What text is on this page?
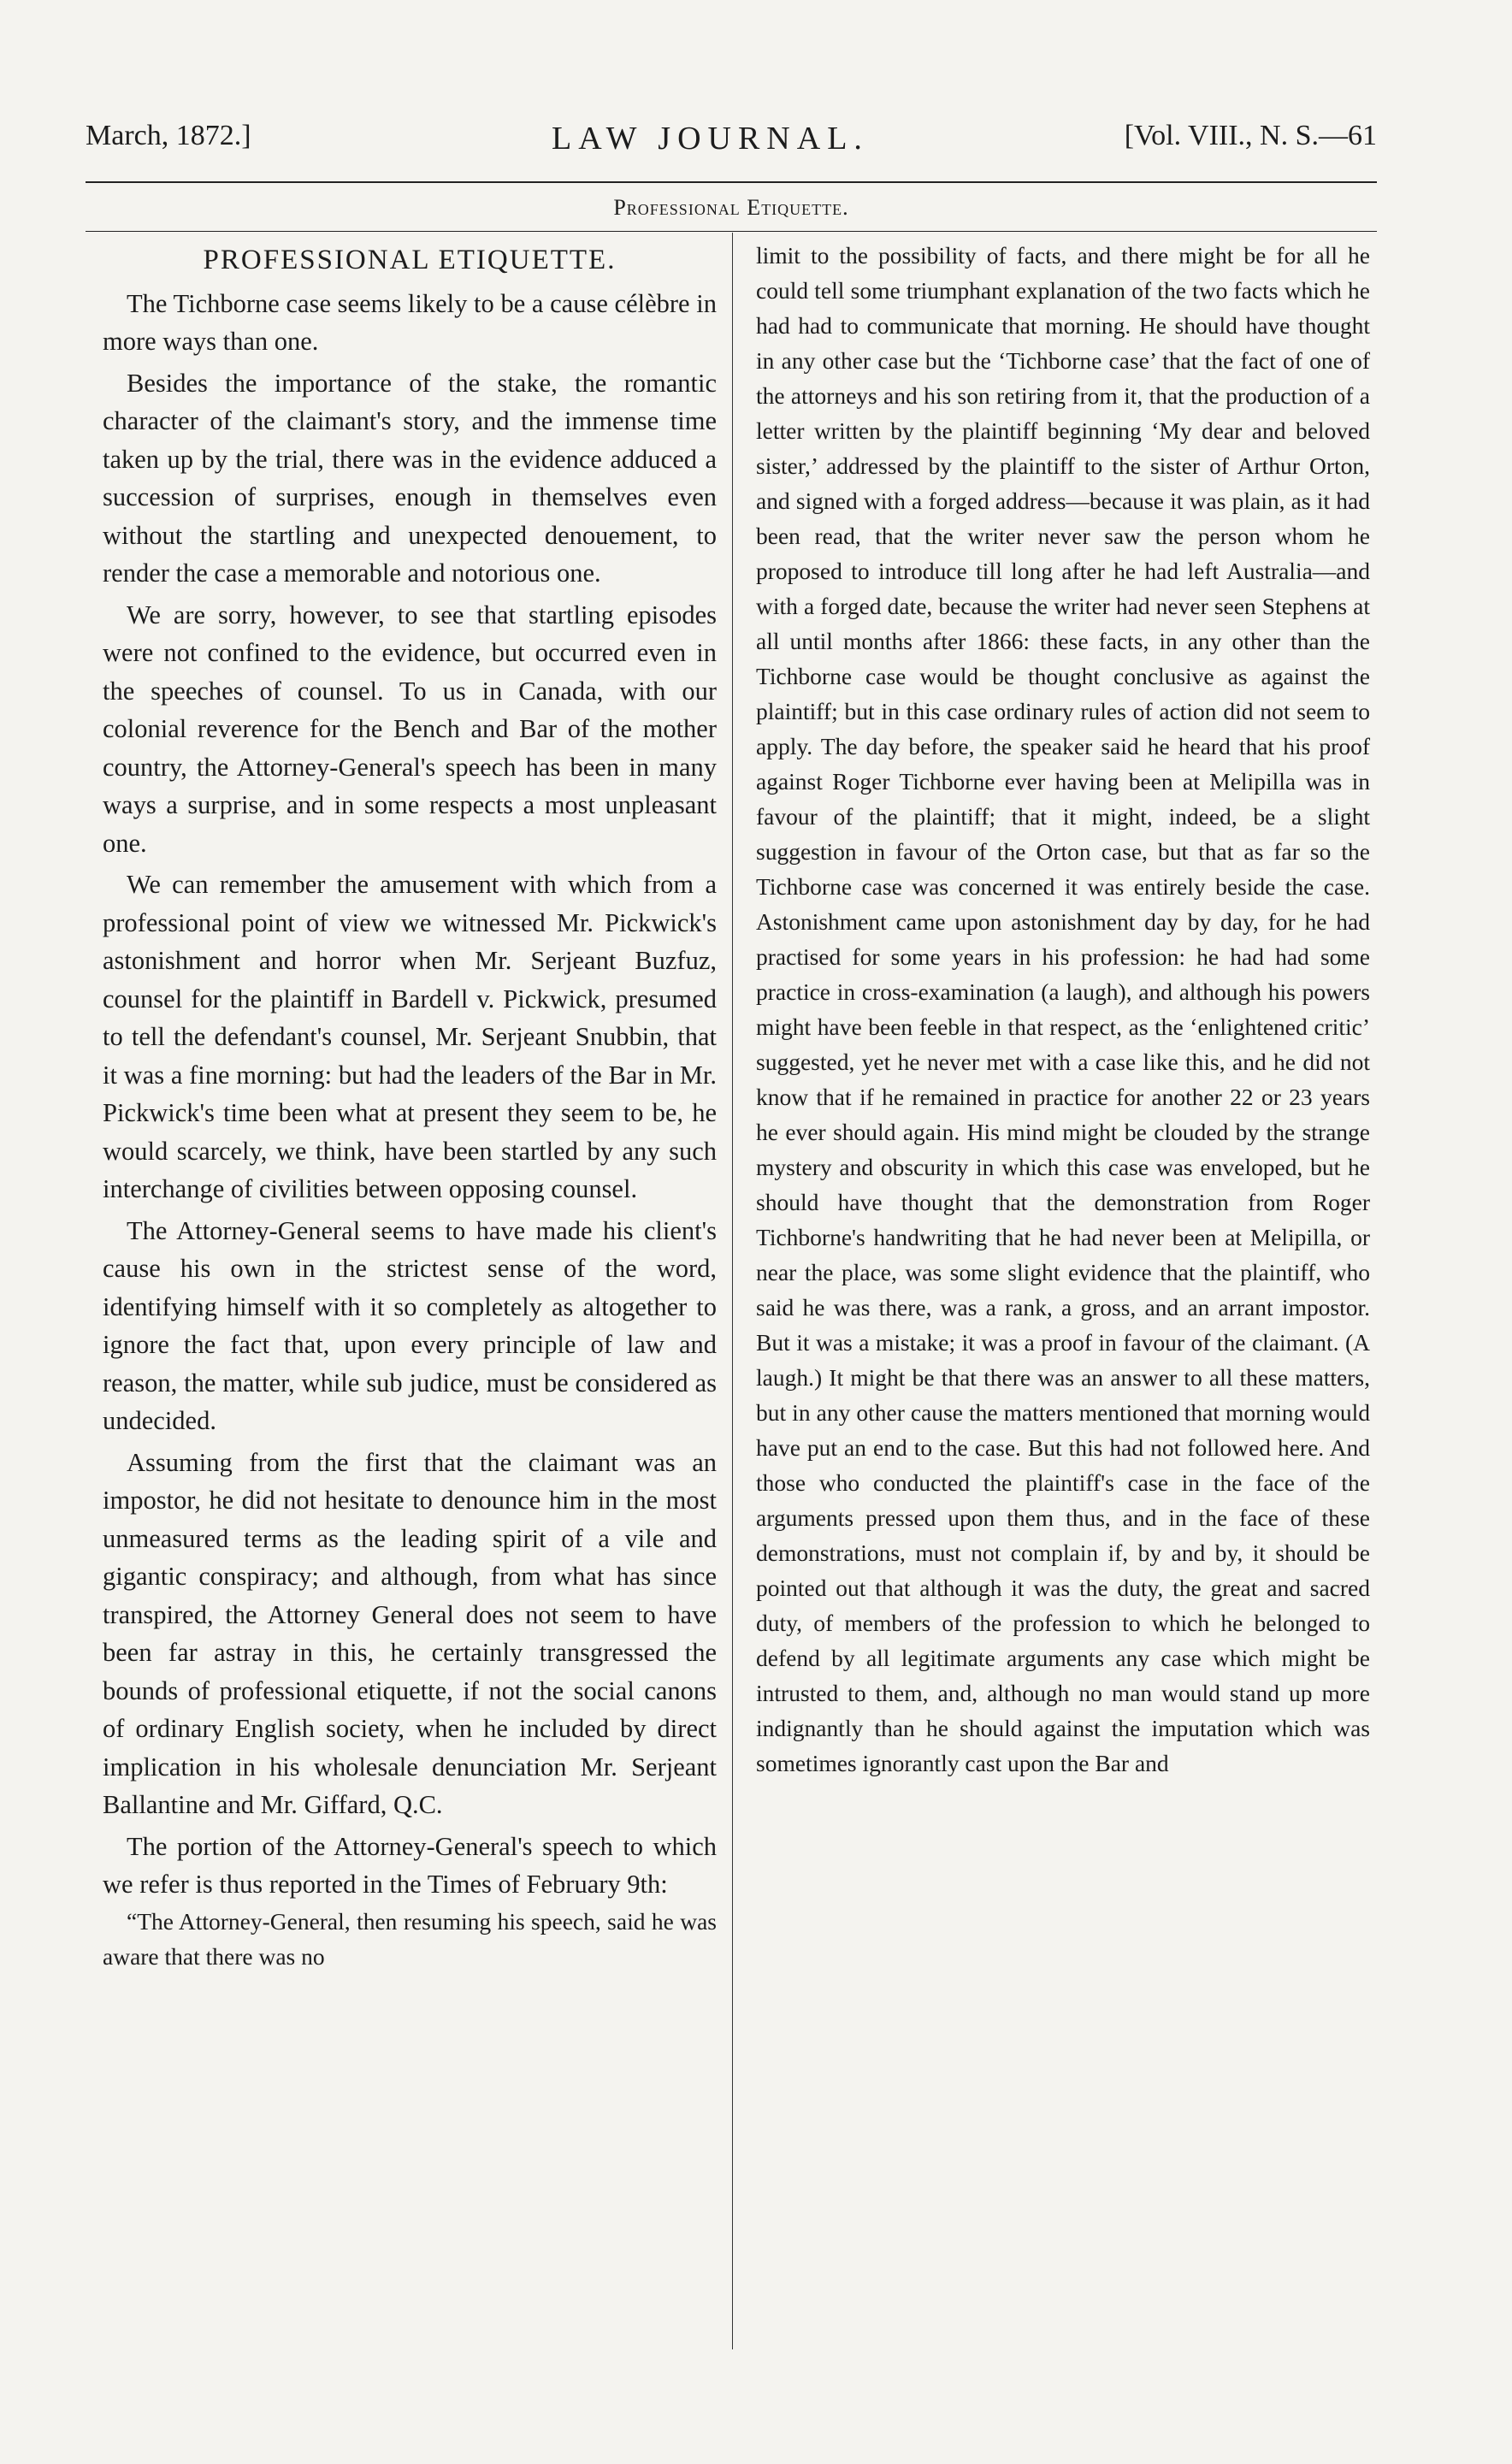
March, 1872.]	LAW JOURNAL.	[Vol. VIII., N. S.—61
Professional Etiquette.
PROFESSIONAL ETIQUETTE.

The Tichborne case seems likely to be a cause célèbre in more ways than one.

Besides the importance of the stake, the romantic character of the claimant's story, and the immense time taken up by the trial, there was in the evidence adduced a succession of surprises, enough in themselves even without the startling and unexpected denouement, to render the case a memorable and notorious one.

We are sorry, however, to see that startling episodes were not confined to the evidence, but occurred even in the speeches of counsel. To us in Canada, with our colonial reverence for the Bench and Bar of the mother country, the Attorney-General's speech has been in many ways a surprise, and in some respects a most unpleasant one.

We can remember the amusement with which from a professional point of view we witnessed Mr. Pickwick's astonishment and horror when Mr. Serjeant Buzfuz, counsel for the plaintiff in Bardell v. Pickwick, presumed to tell the defendant's counsel, Mr. Serjeant Snubbin, that it was a fine morning: but had the leaders of the Bar in Mr. Pickwick's time been what at present they seem to be, he would scarcely, we think, have been startled by any such interchange of civilities between opposing counsel.

The Attorney-General seems to have made his client's cause his own in the strictest sense of the word, identifying himself with it so completely as altogether to ignore the fact that, upon every principle of law and reason, the matter, while sub judice, must be considered as undecided.

Assuming from the first that the claimant was an impostor, he did not hesitate to denounce him in the most unmeasured terms as the leading spirit of a vile and gigantic conspiracy; and although, from what has since transpired, the Attorney General does not seem to have been far astray in this, he certainly transgressed the bounds of professional etiquette, if not the social canons of ordinary English society, when he included by direct implication in his wholesale denunciation Mr. Serjeant Ballantine and Mr. Giffard, Q.C.

The portion of the Attorney-General's speech to which we refer is thus reported in the Times of February 9th:

“The Attorney-General, then resuming his speech, said he was aware that there was no

limit to the possibility of facts, and there might be for all he could tell some triumphant explanation of the two facts which he had had to communicate that morning. He should have thought in any other case but the ‘Tichborne case’ that the fact of one of the attorneys and his son retiring from it, that the production of a letter written by the plaintiff beginning ‘My dear and beloved sister,’ addressed by the plaintiff to the sister of Arthur Orton, and signed with a forged address—because it was plain, as it had been read, that the writer never saw the person whom he proposed to introduce till long after he had left Australia—and with a forged date, because the writer had never seen Stephens at all until months after 1866: these facts, in any other than the Tichborne case would be thought conclusive as against the plaintiff; but in this case ordinary rules of action did not seem to apply. The day before, the speaker said he heard that his proof against Roger Tichborne ever having been at Melipilla was in favour of the plaintiff; that it might, indeed, be a slight suggestion in favour of the Orton case, but that as far so the Tichborne case was concerned it was entirely beside the case. Astonishment came upon astonishment day by day, for he had practised for some years in his profession: he had had some practice in cross-examination (a laugh), and although his powers might have been feeble in that respect, as the ‘enlightened critic’ suggested, yet he never met with a case like this, and he did not know that if he remained in practice for another 22 or 23 years he ever should again. His mind might be clouded by the strange mystery and obscurity in which this case was enveloped, but he should have thought that the demonstration from Roger Tichborne's handwriting that he had never been at Melipilla, or near the place, was some slight evidence that the plaintiff, who said he was there, was a rank, a gross, and an arrant impostor. But it was a mistake; it was a proof in favour of the claimant. (A laugh.) It might be that there was an answer to all these matters, but in any other cause the matters mentioned that morning would have put an end to the case. But this had not followed here. And those who conducted the plaintiff's case in the face of the arguments pressed upon them thus, and in the face of these demonstrations, must not complain if, by and by, it should be pointed out that although it was the duty, the great and sacred duty, of members of the profession to which he belonged to defend by all legitimate arguments any case which might be intrusted to them, and, although no man would stand up more indignantly than he should against the imputation which was sometimes ignorantly cast upon the Bar and
